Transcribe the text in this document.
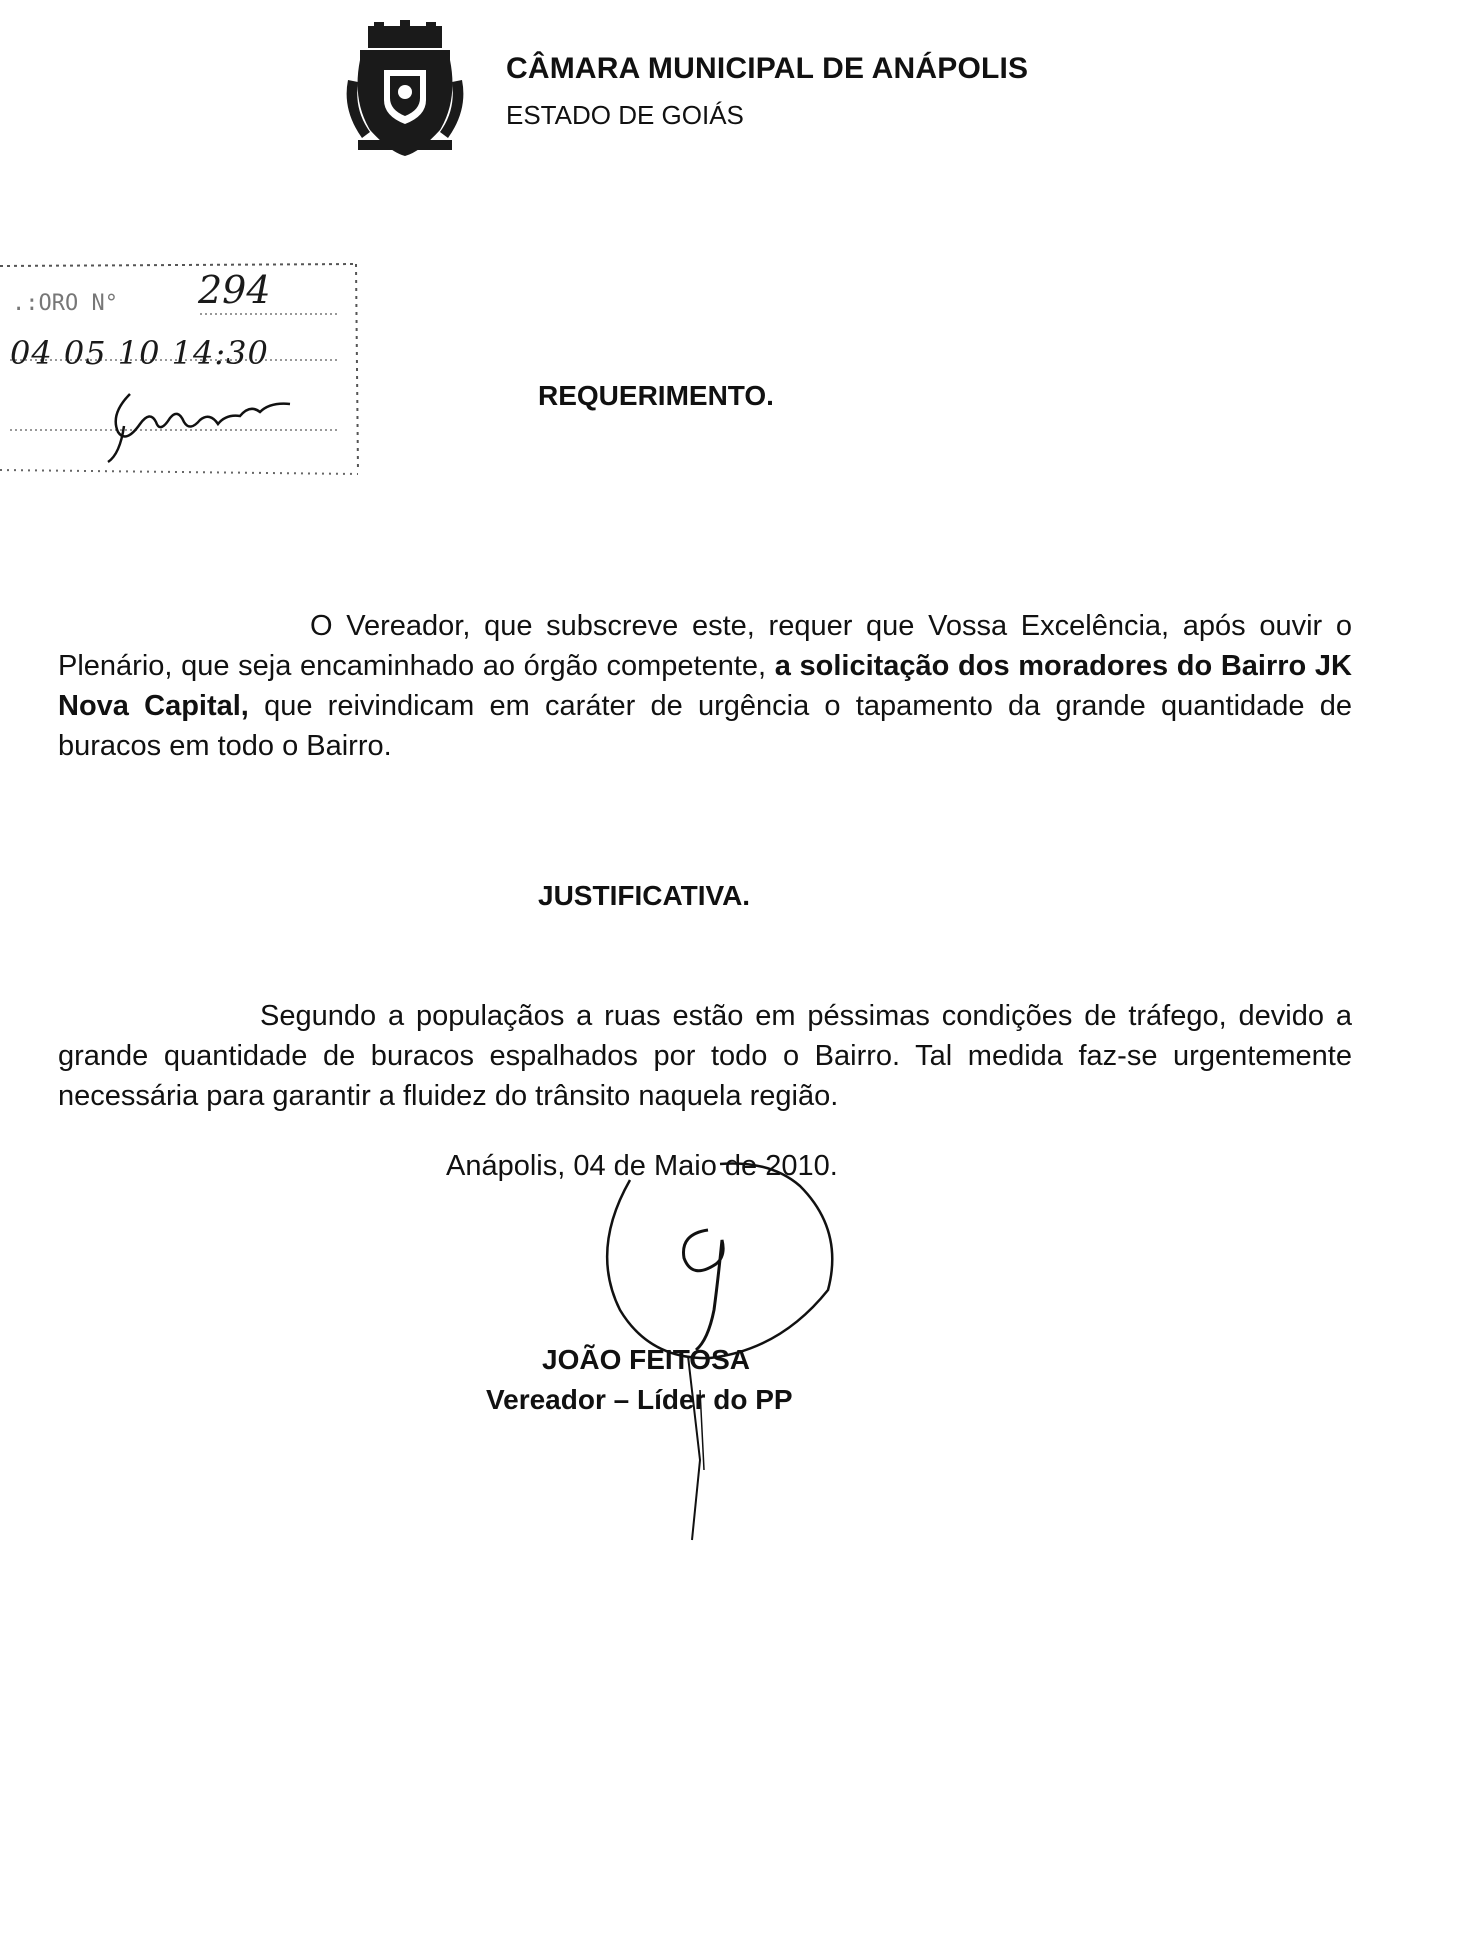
CÂMARA MUNICIPAL DE ANÁPOLIS
ESTADO DE GOIÁS
.:ORO N° 294
04 05 10 14:30
REQUERIMENTO.
O Vereador, que subscreve este, requer que Vossa Excelência, após ouvir o Plenário, que seja encaminhado ao órgão competente, a solicitação dos moradores do Bairro JK Nova Capital, que reivindicam em caráter de urgência o tapamento da grande quantidade de buracos em todo o Bairro.
JUSTIFICATIVA.
Segundo a populaçãos a ruas estão em péssimas condições de tráfego, devido a grande quantidade de buracos espalhados por todo o Bairro. Tal medida faz-se urgentemente necessária para garantir a fluidez do trânsito naquela região.
Anápolis, 04 de Maio de 2010.
JOÃO FEITOSA
Vereador – Líder do PP
